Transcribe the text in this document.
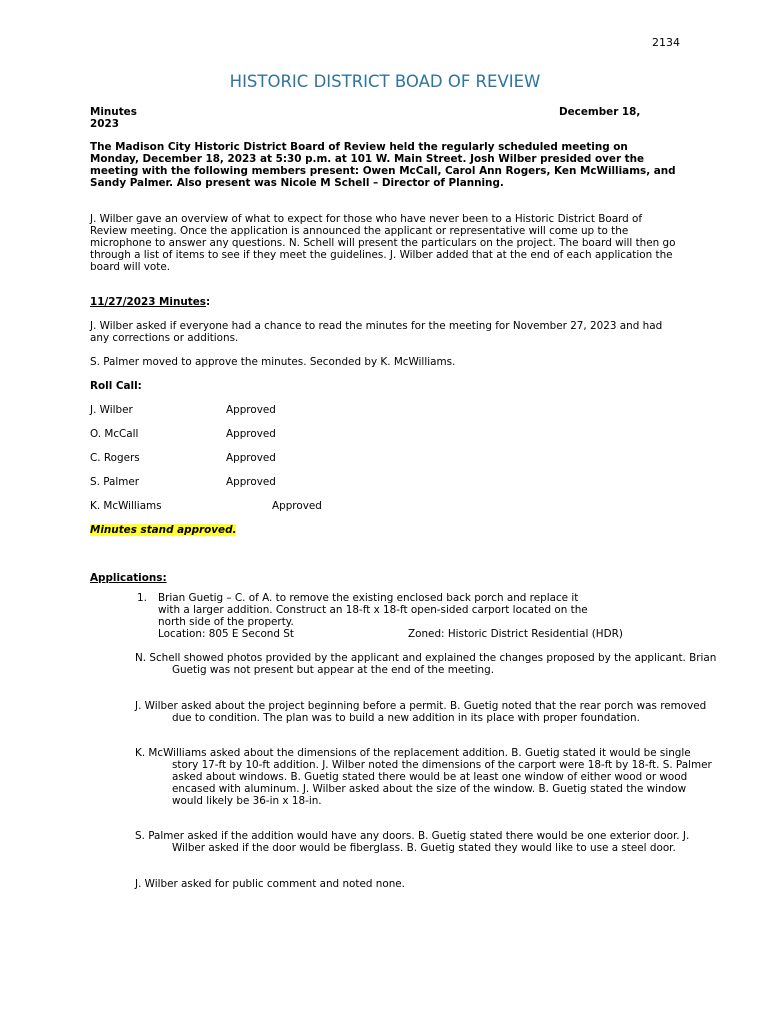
2134
HISTORIC DISTRICT BOAD OF REVIEW
Minutes	December 18,
2023

The Madison City Historic District Board of Review held the regularly scheduled meeting on Monday, December 18, 2023 at 5:30 p.m. at 101 W. Main Street. Josh Wilber presided over the meeting with the following members present: Owen McCall, Carol Ann Rogers, Ken McWilliams, and Sandy Palmer. Also present was Nicole M Schell – Director of Planning.

J. Wilber gave an overview of what to expect for those who have never been to a Historic District Board of Review meeting. Once the application is announced the applicant or representative will come up to the microphone to answer any questions. N. Schell will present the particulars on the project. The board will then go through a list of items to see if they meet the guidelines. J. Wilber added that at the end of each application the board will vote.

11/27/2023 Minutes:

J. Wilber asked if everyone had a chance to read the minutes for the meeting for November 27, 2023 and had any corrections or additions.

S. Palmer moved to approve the minutes. Seconded by K. McWilliams.

Roll Call:
J. Wilber	Approved
O. McCall	Approved
C. Rogers	Approved
S. Palmer	Approved
K. McWilliams	Approved
Minutes stand approved.
Applications:
1. Brian Guetig – C. of A. to remove the existing enclosed back porch and replace it
with a larger addition. Construct an 18-ft x 18-ft open-sided carport located on the
north side of the property.
Location: 805 E Second St	Zoned: Historic District Residential (HDR)

N. Schell showed photos provided by the applicant and explained the changes proposed by the applicant. Brian Guetig was not present but appear at the end of the meeting.

J. Wilber asked about the project beginning before a permit. B. Guetig noted that the rear porch was removed due to condition. The plan was to build a new addition in its place with proper foundation.

K. McWilliams asked about the dimensions of the replacement addition. B. Guetig stated it would be single story 17-ft by 10-ft addition. J. Wilber noted the dimensions of the carport were 18-ft by 18-ft. S. Palmer asked about windows. B. Guetig stated there would be at least one window of either wood or wood encased with aluminum. J. Wilber asked about the size of the window. B. Guetig stated the window would likely be 36-in x 18-in.

S. Palmer asked if the addition would have any doors. B. Guetig stated there would be one exterior door. J. Wilber asked if the door would be fiberglass. B. Guetig stated they would like to use a steel door.

J. Wilber asked for public comment and noted none.
